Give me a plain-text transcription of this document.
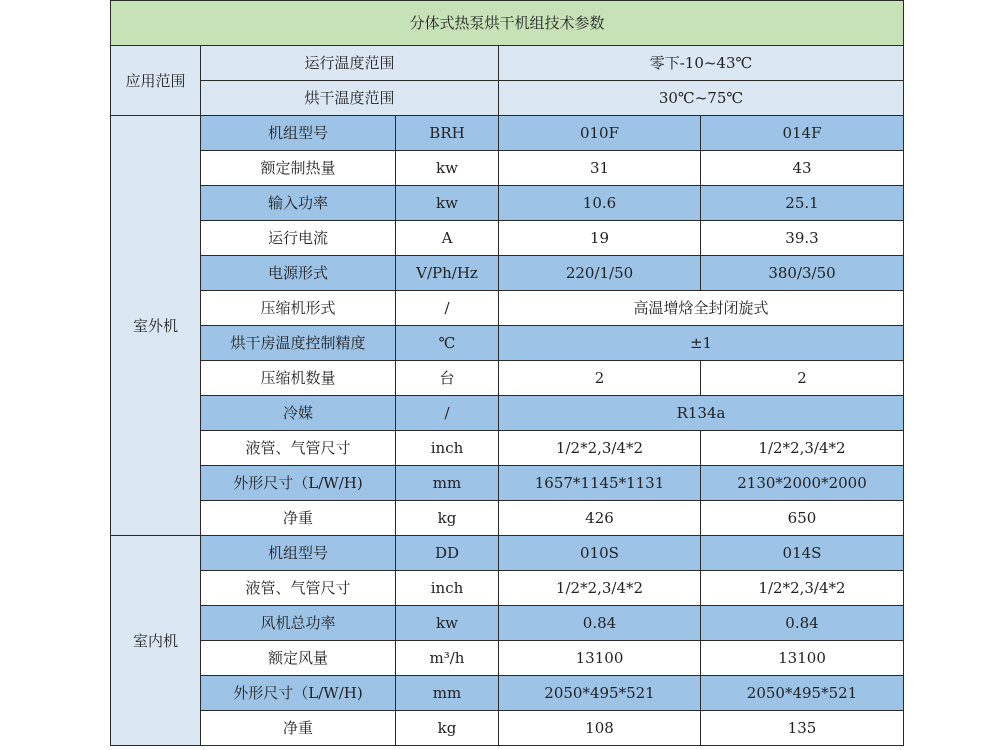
分体式热泵烘干机组技术参数				
应用范围	运行温度范围		零下-10~43℃	
	烘干温度范围		30℃~75℃	
室外机	机组型号	BRH	010F	014F
	额定制热量	kw	31	43
	输入功率	kw	10.6	25.1
	运行电流	A	19	39.3
	电源形式	V/Ph/Hz	220/1/50	380/3/50
	压缩机形式	/	高温增焓全封闭旋式	
	烘干房温度控制精度	℃	±1	
	压缩机数量	台	2	2
	冷媒	/	R134a	
	液管、气管尺寸	inch	1/2*2,3/4*2	1/2*2,3/4*2
	外形尺寸（L/W/H)	mm	1657*1145*1131	2130*2000*2000
	净重	kg	426	650
室内机	机组型号	DD	010S	014S
	液管、气管尺寸	inch	1/2*2,3/4*2	1/2*2,3/4*2
	风机总功率	kw	0.84	0.84
	额定风量	m³/h	13100	13100
	外形尺寸（L/W/H)	mm	2050*495*521	2050*495*521
	净重	kg	108	135
